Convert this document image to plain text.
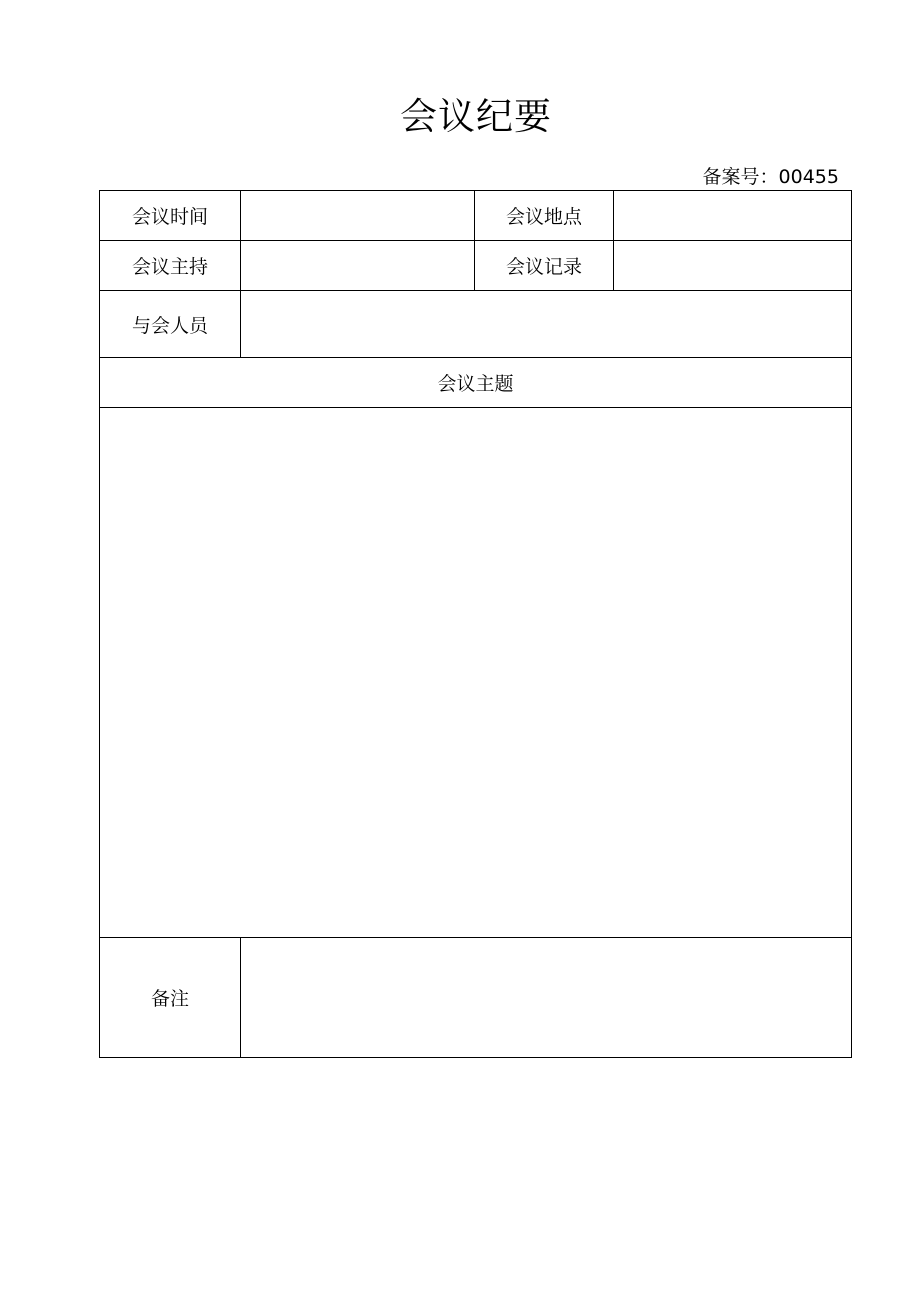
会议纪要
备案号：00455
会议时间		会议地点	
会议主持		会议记录	
与会人员			
会议主题			

备注			
